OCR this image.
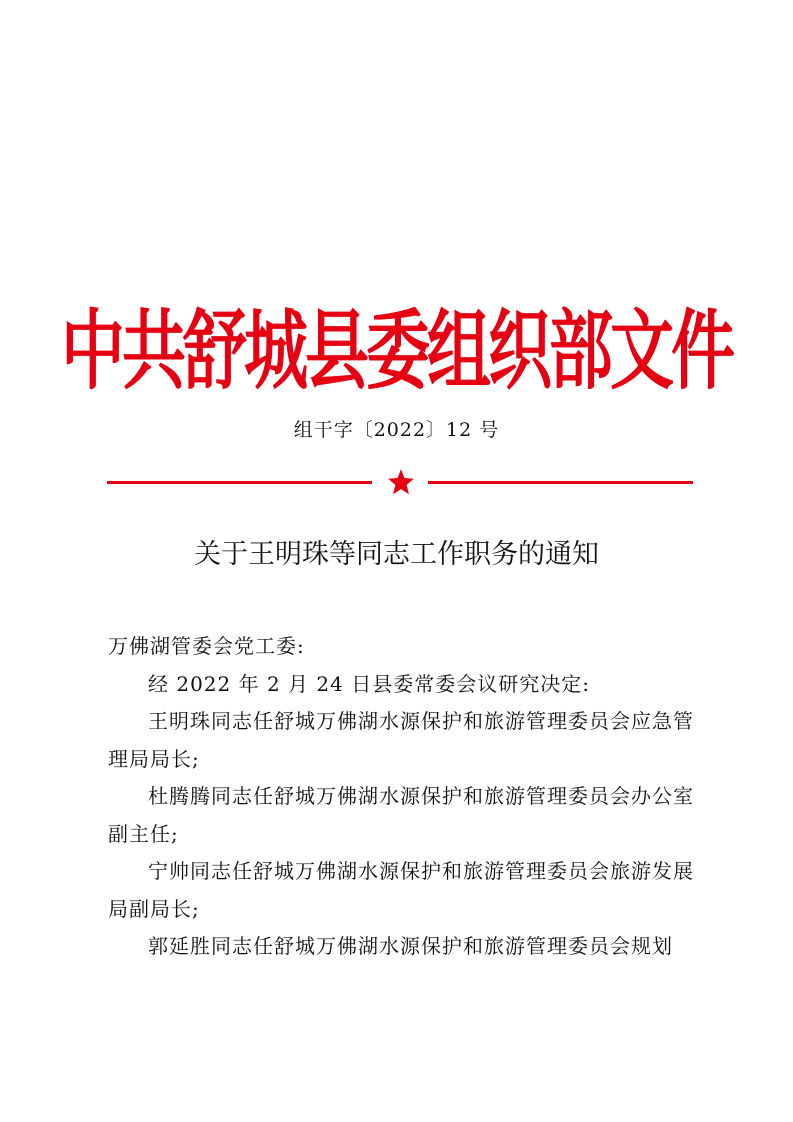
中共舒城县委组织部文件
组干字〔2022〕12 号
关于王明珠等同志工作职务的通知

万佛湖管委会党工委:

经 2022 年 2 月 24 日县委常委会议研究决定:

王明珠同志任舒城万佛湖水源保护和旅游管理委员会应急管理局局长;

杜腾腾同志任舒城万佛湖水源保护和旅游管理委员会办公室副主任;

宁帅同志任舒城万佛湖水源保护和旅游管理委员会旅游发展局副局长;

郭延胜同志任舒城万佛湖水源保护和旅游管理委员会规划
